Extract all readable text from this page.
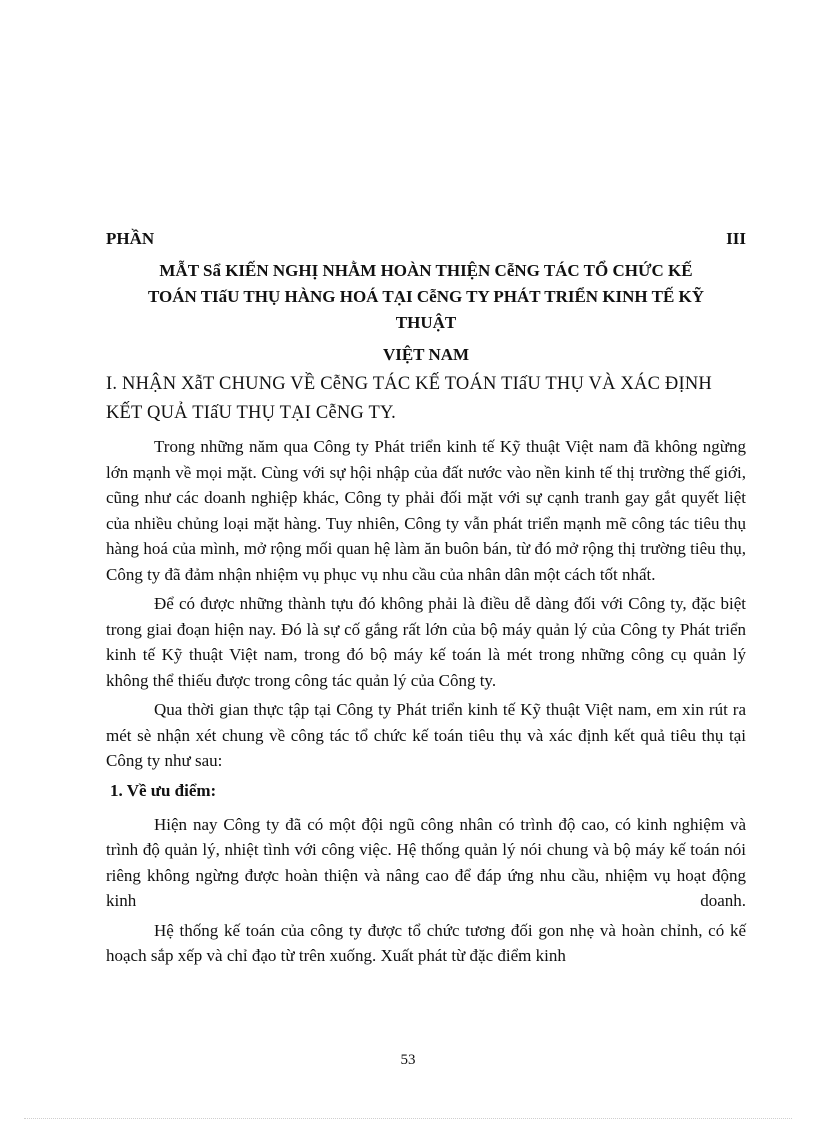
PHẦN	III

MẪT Sẩ KIẾN NGHỊ NHẰM HOÀN THIỆN CễNG TÁC TỔ CHỨC KẾ

TOÁN TIấU THỤ HÀNG HOÁ TẠI CễNG TY PHÁT TRIỂN KINH TẾ KỸ

THUẬT

VIỆT NAM

I. NHẬN XẫT CHUNG VỀ CễNG TÁC KẾ TOÁN TIấU THỤ VÀ XÁC ĐỊNH
KẾT QUẢ TIấU THỤ TẠI CễNG TY.

Trong những năm qua Công ty Phát triển kinh tế Kỹ thuật Việt nam đã không ngừng lớn mạnh về mọi mặt. Cùng với sự hội nhập của đất nước vào nền kinh tế thị trường thế giới, cũng như các doanh nghiệp khác, Công ty phải đối mặt với sự cạnh tranh gay gắt quyết liệt của nhiều chủng loại mặt hàng. Tuy nhiên, Công ty vẫn phát triển mạnh mẽ công tác tiêu thụ hàng hoá của mình, mở rộng mối quan hệ làm ăn buôn bán, từ đó mở rộng thị trường tiêu thụ, Công ty đã đảm nhận nhiệm vụ phục vụ nhu cầu của nhân dân một cách tốt nhất.

Để có được những thành tựu đó không phải là điều dễ dàng đối với Công ty, đặc biệt trong giai đoạn hiện nay. Đó là sự cố gắng rất lớn của bộ máy quản lý của Công ty Phát triển kinh tế Kỹ thuật Việt nam, trong đó bộ máy kế toán là mét trong những công cụ quản lý không thể thiếu được trong công tác quản lý của Công ty.

Qua thời gian thực tập tại Công ty Phát triển kinh tế Kỹ thuật Việt nam, em xin rút ra mét sè nhận xét chung về công tác tổ chức kế toán tiêu thụ và xác định kết quả tiêu thụ tại Công ty như sau:

1. Về ưu điểm:

Hiện nay Công ty đã có một đội ngũ công nhân có trình độ cao, có kinh nghiệm và trình độ quản lý, nhiệt tình với công việc. Hệ thống quản lý nói chung và bộ máy kế toán nói riêng không ngừng được hoàn thiện và nâng cao để đáp ứng nhu cầu, nhiệm vụ hoạt động kinh doanh.

Hệ thống kế toán của công ty được tổ chức tương đối gon nhẹ và hoàn chỉnh, có kế hoạch sắp xếp và chỉ đạo từ trên xuống. Xuất phát từ đặc điểm kinh

53
